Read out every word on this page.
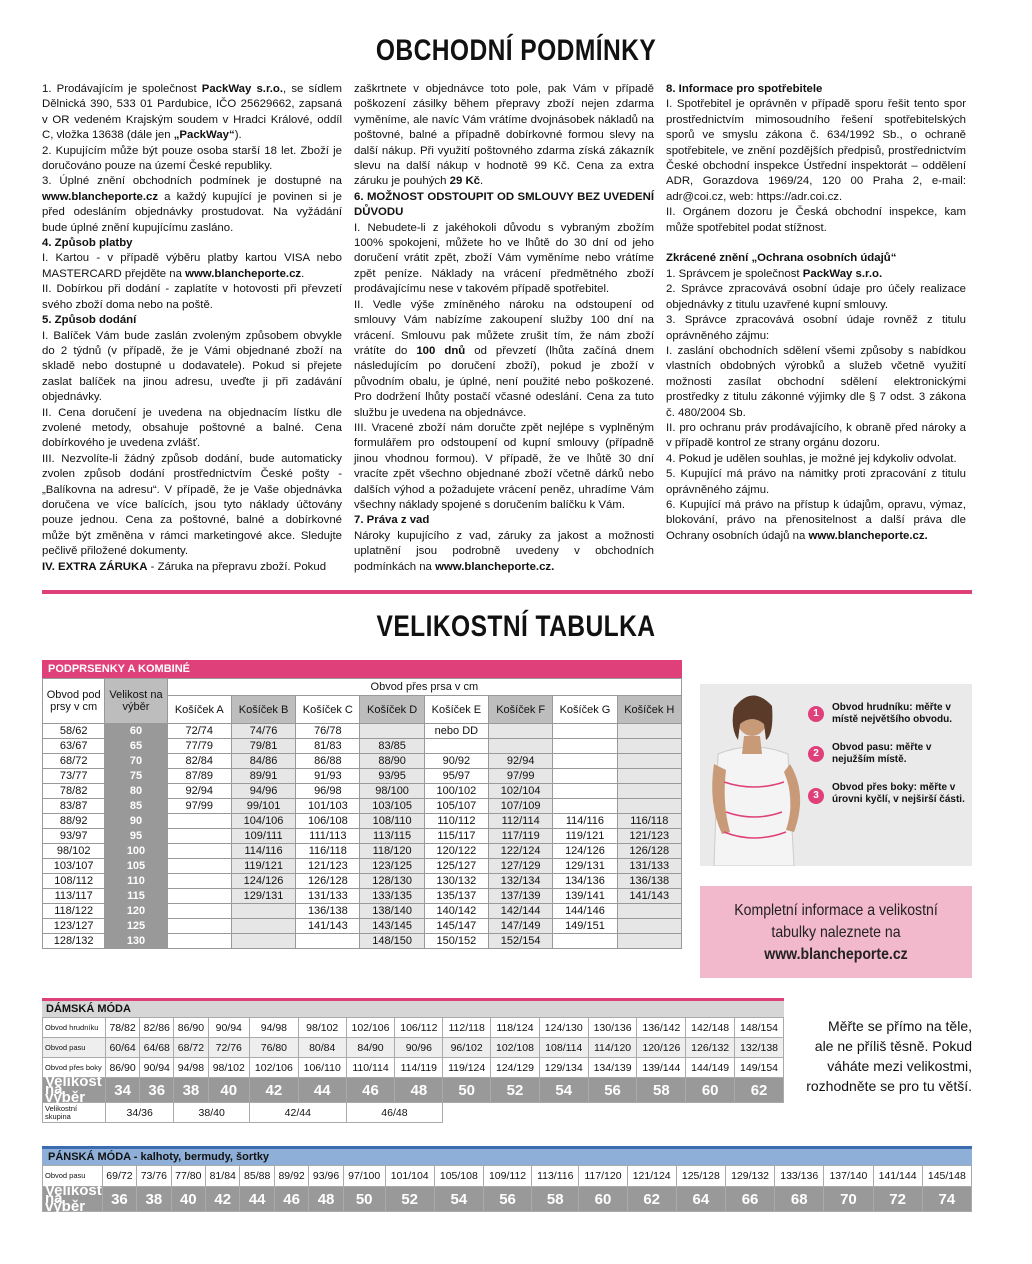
OBCHODNÍ PODMÍNKY

1. Prodávajícím je společnost PackWay s.r.o., se sídlem Dělnická 390, 533 01 Pardubice, IČO 25629662, zapsaná v OR vedeném Krajským soudem v Hradci Králové, oddíl C, vložka 13638 (dále jen „PackWay“).

2. Kupujícím může být pouze osoba starší 18 let. Zboží je doručováno pouze na území České republiky.

3. Úplné znění obchodních podmínek je dostupné na www.blancheporte.cz a každý kupující je povinen si je před odesláním objednávky prostudovat. Na vyžádání bude úplné znění kupujícímu zasláno.

4. Způsob platby

I. Kartou - v případě výběru platby kartou VISA nebo MASTERCARD přejděte na www.blancheporte.cz.

II. Dobírkou při dodání - zaplatíte v hotovosti při převzetí svého zboží doma nebo na poště.

5. Způsob dodání

I. Balíček Vám bude zaslán zvoleným způsobem obvykle do 2 týdnů (v případě, že je Vámi objednané zboží na skladě nebo dostupné u dodavatele). Pokud si přejete zaslat balíček na jinou adresu, uveďte ji při zadávání objednávky.

II. Cena doručení je uvedena na objednacím lístku dle zvolené metody, obsahuje poštovné a balné. Cena dobírkového je uvedena zvlášť.

III. Nezvolíte-li žádný způsob dodání, bude automaticky zvolen způsob dodání prostřednictvím České pošty - „Balíkovna na adresu“. V případě, že je Vaše objednávka doručena ve více balících, jsou tyto náklady účtovány pouze jednou. Cena za poštovné, balné a dobírkovné může být změněna v rámci marketingové akce. Sledujte pečlivě přiložené dokumenty.

IV. EXTRA ZÁRUKA - Záruka na přepravu zboží. Pokud

zaškrtnete v objednávce toto pole, pak Vám v případě poškození zásilky během přepravy zboží nejen zdarma vyměníme, ale navíc Vám vrátíme dvojnásobek nákladů na poštovné, balné a případně dobírkovné formou slevy na další nákup. Při využití poštovného zdarma získá zákazník slevu na další nákup v hodnotě 99 Kč. Cena za extra záruku je pouhých 29 Kč.

6. MOŽNOST ODSTOUPIT OD SMLOUVY BEZ UVEDENÍ DŮVODU

I. Nebudete-li z jakéhokoli důvodu s vybraným zbožím 100% spokojeni, můžete ho ve lhůtě do 30 dní od jeho doručení vrátit zpět, zboží Vám vyměníme nebo vrátíme zpět peníze. Náklady na vrácení předmětného zboží prodávajícímu nese v takovém případě spotřebitel.

II. Vedle výše zmíněného nároku na odstoupení od smlouvy Vám nabízíme zakoupení služby 100 dní na vrácení. Smlouvu pak můžete zrušit tím, že nám zboží vrátíte do 100 dnů od převzetí (lhůta začíná dnem následujícím po doručení zboží), pokud je zboží v původním obalu, je úplné, není použité nebo poškozené. Pro dodržení lhůty postačí včasné odeslání. Cena za tuto službu je uvedena na objednávce.

III. Vracené zboží nám doručte zpět nejlépe s vyplněným formulářem pro odstoupení od kupní smlouvy (případně jinou vhodnou formou). V případě, že ve lhůtě 30 dní vracíte zpět všechno objednané zboží včetně dárků nebo dalších výhod a požadujete vrácení peněz, uhradíme Vám všechny náklady spojené s doručením balíčku k Vám.

7. Práva z vad

Nároky kupujícího z vad, záruky za jakost a možnosti uplatnění jsou podrobně uvedeny v obchodních podmínkách na www.blancheporte.cz.

8. Informace pro spotřebitele

I. Spotřebitel je oprávněn v případě sporu řešit tento spor prostřednictvím mimosoudního řešení spotřebitelských sporů ve smyslu zákona č. 634/1992 Sb., o ochraně spotřebitele, ve znění pozdějších předpisů, prostřednictvím České obchodní inspekce Ústřední inspektorát – oddělení ADR, Gorazdova 1969/24, 120 00 Praha 2, e-mail: adr@coi.cz, web: https://adr.coi.cz.

II. Orgánem dozoru je Česká obchodní inspekce, kam může spotřebitel podat stížnost.

Zkrácené znění „Ochrana osobních údajů“

1. Správcem je společnost PackWay s.r.o.

2. Správce zpracovává osobní údaje pro účely realizace objednávky z titulu uzavřené kupní smlouvy.

3. Správce zpracovává osobní údaje rovněž z titulu oprávněného zájmu:

I. zaslání obchodních sdělení všemi způsoby s nabídkou vlastních obdobných výrobků a služeb včetně využití možnosti zasílat obchodní sdělení elektronickými prostředky z titulu zákonné výjimky dle § 7 odst. 3 zákona č. 480/2004 Sb.

II. pro ochranu práv prodávajícího, k obraně před nároky a v případě kontrol ze strany orgánu dozoru.

4. Pokud je udělen souhlas, je možné jej kdykoliv odvolat.

5. Kupující má právo na námitky proti zpracování z titulu oprávněného zájmu.

6. Kupující má právo na přístup k údajům, opravu, výmaz, blokování, právo na přenositelnost a další práva dle Ochrany osobních údajů na www.blancheporte.cz.

VELIKOSTNÍ TABULKA
PODPRSENKY A KOMBINÉ
Obvod pod prsy v cm	Velikost na výběr	Obvod přes prsa v cm							
		Košíček A	Košíček B	Košíček C	Košíček D	Košíček E	Košíček F	Košíček G	Košíček H
58/62	60	72/74	74/76	76/78		nebo DD			
63/67	65	77/79	79/81	81/83	83/85				
68/72	70	82/84	84/86	86/88	88/90	90/92	92/94		
73/77	75	87/89	89/91	91/93	93/95	95/97	97/99		
78/82	80	92/94	94/96	96/98	98/100	100/102	102/104		
83/87	85	97/99	99/101	101/103	103/105	105/107	107/109		
88/92	90		104/106	106/108	108/110	110/112	112/114	114/116	116/118
93/97	95		109/111	111/113	113/115	115/117	117/119	119/121	121/123
98/102	100		114/116	116/118	118/120	120/122	122/124	124/126	126/128
103/107	105		119/121	121/123	123/125	125/127	127/129	129/131	131/133
108/112	110		124/126	126/128	128/130	130/132	132/134	134/136	136/138
113/117	115		129/131	131/133	133/135	135/137	137/139	139/141	141/143
118/122	120			136/138	138/140	140/142	142/144	144/146	
123/127	125			141/143	143/145	145/147	147/149	149/151	
128/132	130				148/150	150/152	152/154		
1
Obvod hrudníku: měřte v místě největšího obvodu.
2
Obvod pasu: měřte v nejužším místě.
3
Obvod přes boky: měřte v úrovni kyčlí, v nejširší části.
Kompletní informace a velikostní
tabulky naleznete na
www.blancheporte.cz
DÁMSKÁ MÓDA
Obvod hrudníku	78/82	82/86	86/90	90/94	94/98	98/102	102/106	106/112	112/118	118/124	124/130	130/136	136/142	142/148	148/154
Obvod pasu	60/64	64/68	68/72	72/76	76/80	80/84	84/90	90/96	96/102	102/108	108/114	114/120	120/126	126/132	132/138
Obvod přes boky	86/90	90/94	94/98	98/102	102/106	106/110	110/114	114/119	119/124	124/129	129/134	134/139	139/144	144/149	149/154
Velikost na výběr	34	36	38	40	42	44	46	48	50	52	54	56	58	60	62
Velikostní skupina	34/36		38/40		42/44		46/48								
Měřte se přímo na těle,
ale ne příliš těsně. Pokud
váháte mezi velikostmi,
rozhodněte se pro tu větší.
PÁNSKÁ MÓDA - kalhoty, bermudy, šortky
Obvod pasu	69/72	73/76	77/80	81/84	85/88	89/92	93/96	97/100	101/104	105/108	109/112	113/116	117/120	121/124	125/128	129/132	133/136	137/140	141/144	145/148
Velikost na výběr	36	38	40	42	44	46	48	50	52	54	56	58	60	62	64	66	68	70	72	74
